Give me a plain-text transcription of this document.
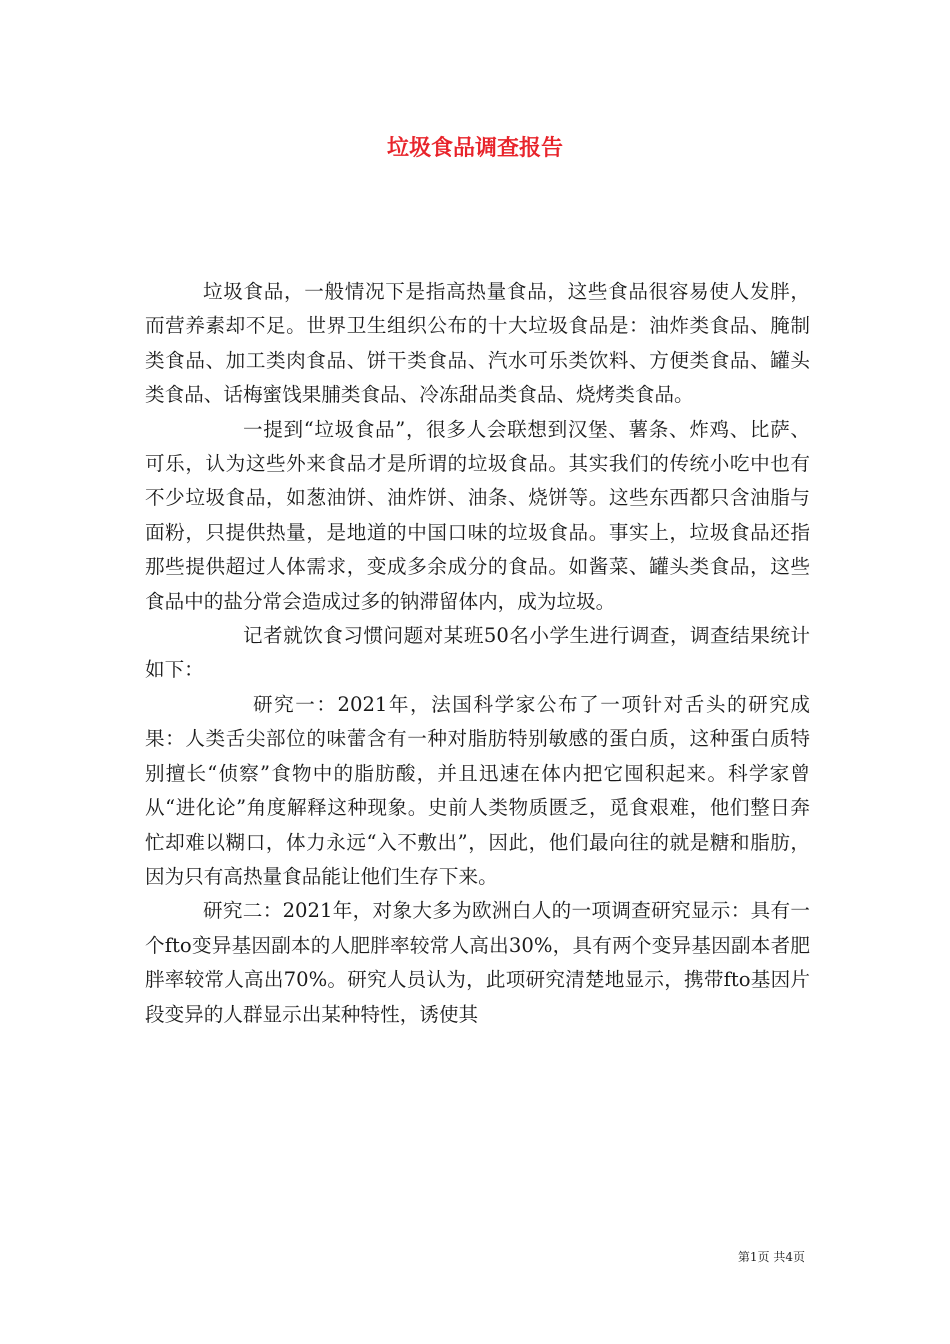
垃圾食品调查报告

垃圾食品，一般情况下是指高热量食品，这些食品很容易使人发胖，而营养素却不足。世界卫生组织公布的十大垃圾食品是：油炸类食品、腌制类食品、加工类肉食品、饼干类食品、汽水可乐类饮料、方便类食品、罐头类食品、话梅蜜饯果脯类食品、冷冻甜品类食品、烧烤类食品。

一提到“垃圾食品”，很多人会联想到汉堡、薯条、炸鸡、比萨、可乐，认为这些外来食品才是所谓的垃圾食品。其实我们的传统小吃中也有不少垃圾食品，如葱油饼、油炸饼、油条、烧饼等。这些东西都只含油脂与面粉，只提供热量，是地道的中国口味的垃圾食品。事实上，垃圾食品还指那些提供超过人体需求，变成多余成分的食品。如酱菜、罐头类食品，这些食品中的盐分常会造成过多的钠滞留体内，成为垃圾。

记者就饮食习惯问题对某班50名小学生进行调查，调查结果统计如下：

研究一：2021年，法国科学家公布了一项针对舌头的研究成果：人类舌尖部位的味蕾含有一种对脂肪特别敏感的蛋白质，这种蛋白质特别擅长“侦察”食物中的脂肪酸，并且迅速在体内把它囤积起来。科学家曾从“进化论”角度解释这种现象。史前人类物质匮乏，觅食艰难，他们整日奔忙却难以糊口，体力永远“入不敷出”，因此，他们最向往的就是糖和脂肪，因为只有高热量食品能让他们生存下来。

研究二：2021年，对象大多为欧洲白人的一项调查研究显示：具有一个fto变异基因副本的人肥胖率较常人高出30%，具有两个变异基因副本者肥胖率较常人高出70%。研究人员认为，此项研究清楚地显示，携带fto基因片段变异的人群显示出某种特性，诱使其

第1页 共4页
